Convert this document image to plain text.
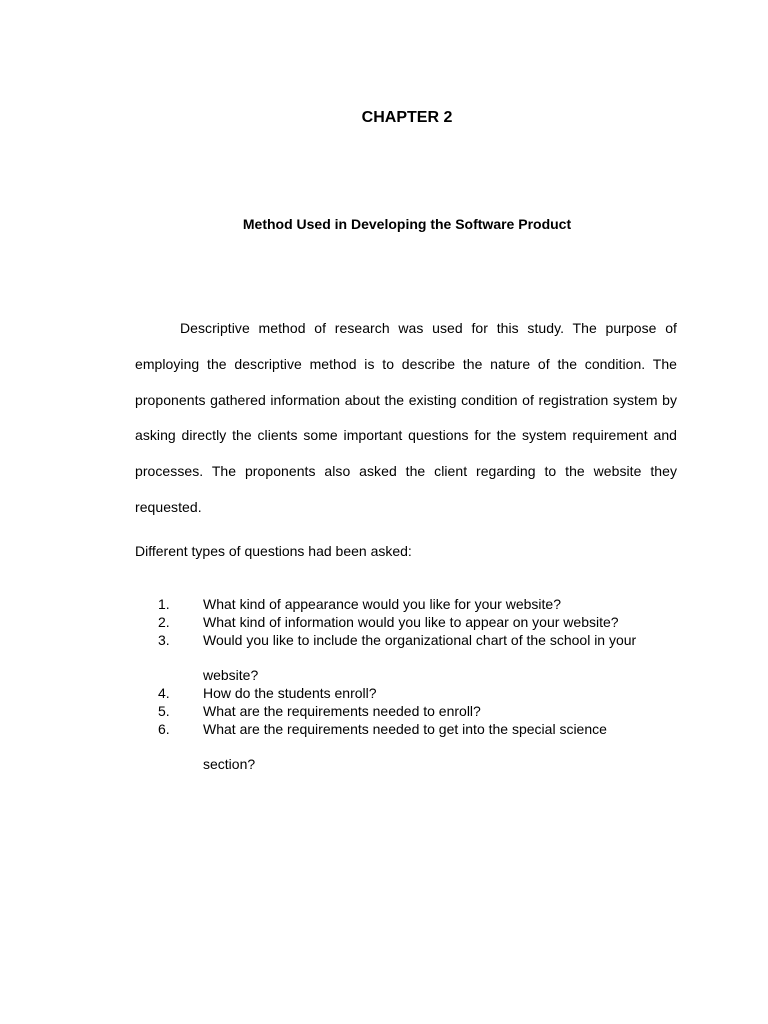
CHAPTER 2
Method Used in Developing the Software Product

Descriptive method of research was used for this study. The purpose of employing the descriptive method is to describe the nature of the condition. The proponents gathered information about the existing condition of registration system by asking directly the clients some important questions for the system requirement and processes. The proponents also asked the client regarding to the website they requested.

Different types of questions had been asked:

1. What kind of appearance would you like for your website?
2. What kind of information would you like to appear on your website?
3. Would you like to include the organizational chart of the school in your
website?
4. How do the students enroll?
5. What are the requirements needed to enroll?
6. What are the requirements needed to get into the special science
section?
